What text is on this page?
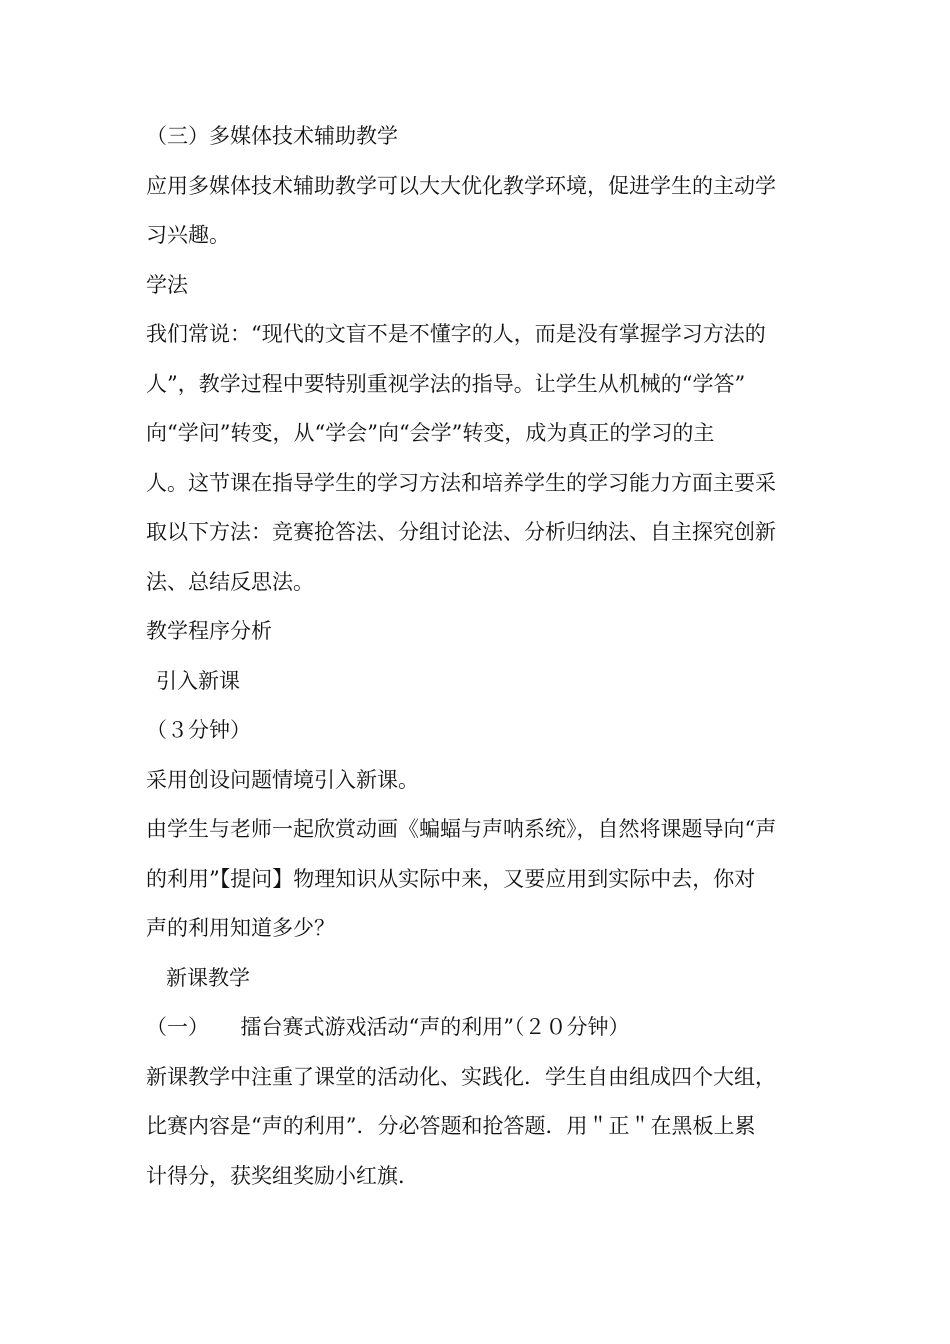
（三）多媒体技术辅助教学
应用多媒体技术辅助教学可以大大优化教学环境，促进学生的主动学
习兴趣。
学法
我们常说：“现代的文盲不是不懂字的人，而是没有掌握学习方法的
人”，教学过程中要特别重视学法的指导。让学生从机械的“学答”
向“学问”转变，从“学会”向“会学”转变，成为真正的学习的主
人。这节课在指导学生的学习方法和培养学生的学习能力方面主要采
取以下方法：竞赛抢答法、分组讨论法、分析归纳法、自主探究创新
法、总结反思法。
教学程序分析
引入新课
（３分钟）
采用创设问题情境引入新课。
由学生与老师一起欣赏动画《蝙蝠与声呐系统》，自然将课题导向“声
的利用”【提问】物理知识从实际中来，又要应用到实际中去，你对
声的利用知道多少？
新课教学
（一）　　擂台赛式游戏活动“声的利用”（２０分钟）
新课教学中注重了课堂的活动化、实践化．学生自由组成四个大组，
比赛内容是“声的利用”．分必答题和抢答题．用＂正＂在黑板上累
计得分，获奖组奖励小红旗．
